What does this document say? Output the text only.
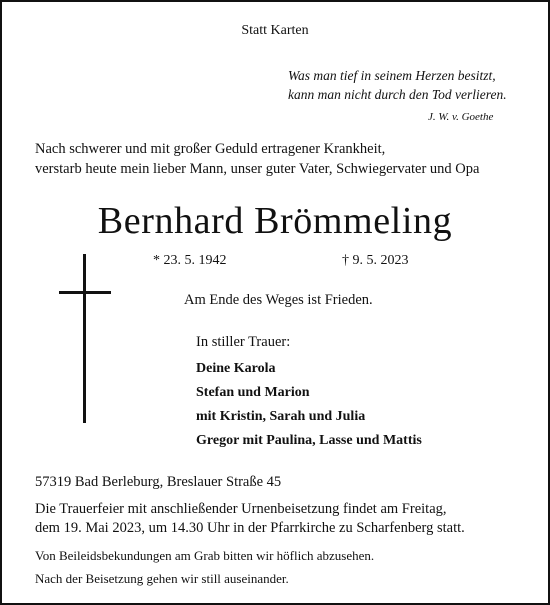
Statt Karten
Was man tief in seinem Herzen besitzt,
kann man nicht durch den Tod verlieren.
J. W. v. Goethe
Nach schwerer und mit großer Geduld ertragener Krankheit,
verstarb heute mein lieber Mann, unser guter Vater, Schwiegervater und Opa
Bernhard Brömmeling
* 23. 5. 1942	† 9. 5. 2023
Am Ende des Weges ist Frieden.
In stiller Trauer:
Deine Karola
Stefan und Marion
mit Kristin, Sarah und Julia
Gregor mit Paulina, Lasse und Mattis
57319 Bad Berleburg, Breslauer Straße 45
Die Trauerfeier mit anschließender Urnenbeisetzung findet am Freitag,
dem 19. Mai 2023, um 14.30 Uhr in der Pfarrkirche zu Scharfenberg statt.
Von Beileidsbekundungen am Grab bitten wir höflich abzusehen.
Nach der Beisetzung gehen wir still auseinander.
